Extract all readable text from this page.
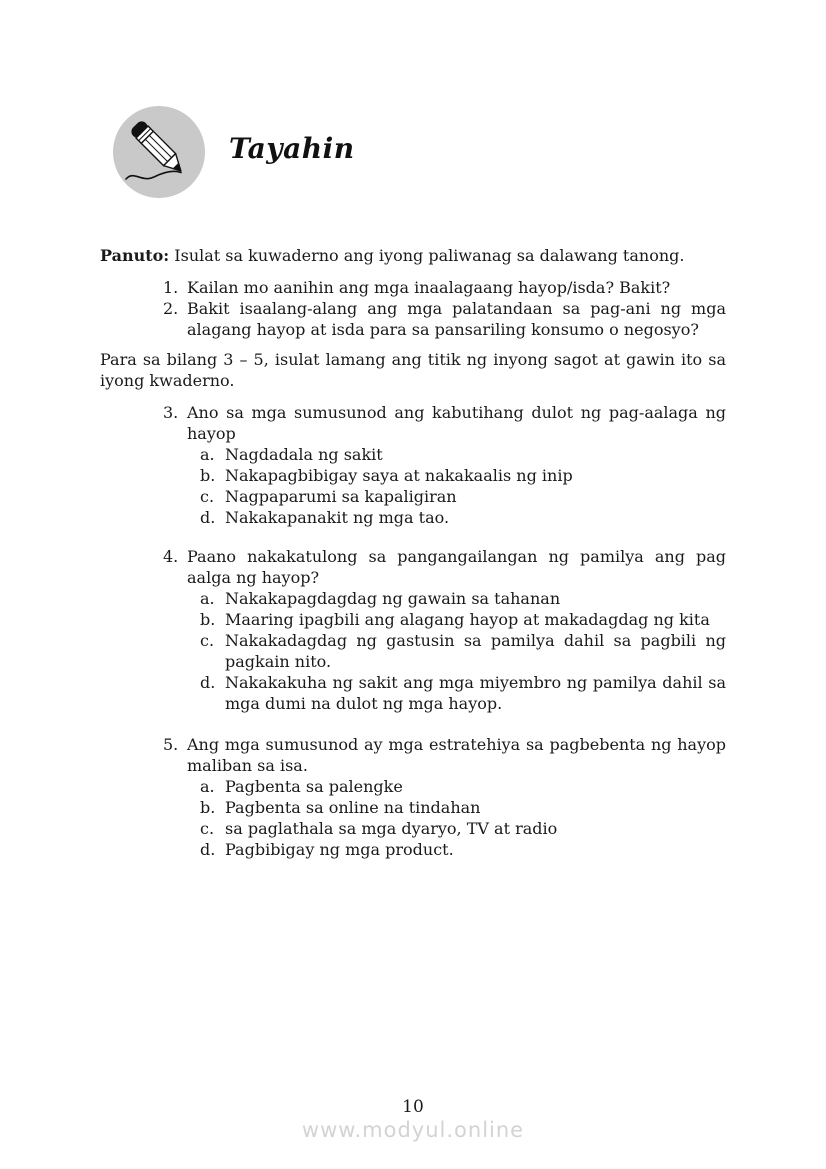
Tayahin

Panuto: Isulat sa kuwaderno ang iyong paliwanag sa dalawang tanong.

1. Kailan mo aanihin ang mga inaalagaang hayop/isda? Bakit?
2. Bakit isaalang-alang ang mga palatandaan sa pag-ani ng mga alagang hayop at isda para sa pansariling konsumo o negosyo?

Para sa bilang 3 – 5, isulat lamang ang titik ng inyong sagot at gawin ito sa iyong kwaderno.

3. Ano sa mga sumusunod ang kabutihang dulot ng pag-aalaga ng hayop
a. Nagdadala ng sakit
b. Nakapagbibigay saya at nakakaalis ng inip
c. Nagpaparumi sa kapaligiran
d. Nakakapanakit ng mga tao.
4. Paano nakakatulong sa pangangailangan ng pamilya ang pag aalga ng hayop?
a. Nakakapagdagdag ng gawain sa tahanan
b. Maaring ipagbili ang alagang hayop at makadagdag ng kita
c. Nakakadagdag ng gastusin sa pamilya dahil sa pagbili ng pagkain nito.
d. Nakakakuha ng sakit ang mga miyembro ng pamilya dahil sa mga dumi na dulot ng mga hayop.
5. Ang mga sumusunod ay mga estratehiya sa pagbebenta ng hayop maliban sa isa.
a. Pagbenta sa palengke
b. Pagbenta sa online na tindahan
c. sa paglathala sa mga dyaryo, TV at radio
d. Pagbibigay ng mga product.
10
www.modyul.online
